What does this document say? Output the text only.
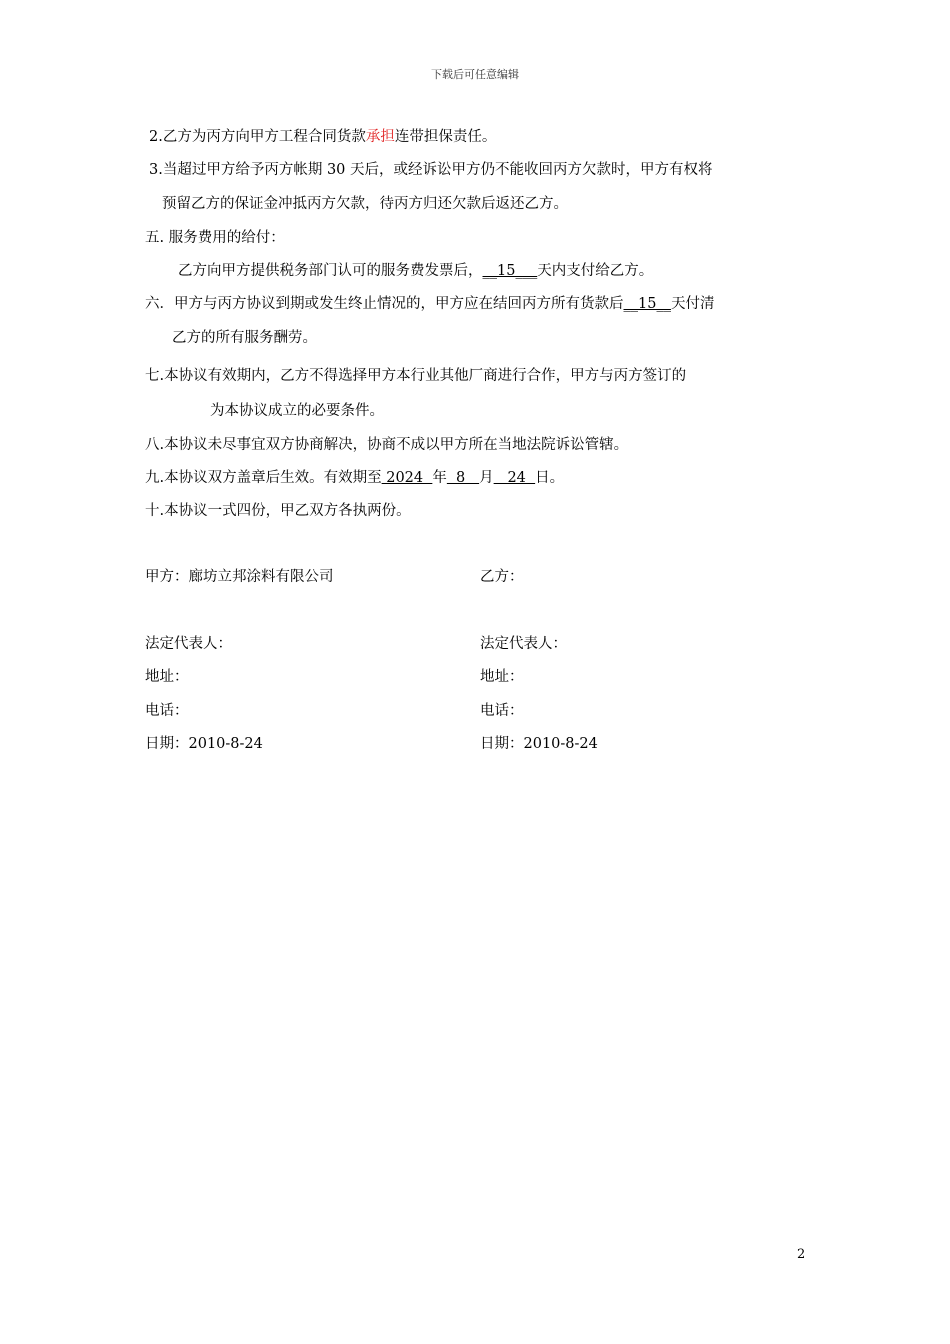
下载后可任意编辑
2.乙方为丙方向甲方工程合同货款承担连带担保责任。
3.当超过甲方给予丙方帐期 30 天后，或经诉讼甲方仍不能收回丙方欠款时，甲方有权将
预留乙方的保证金冲抵丙方欠款，待丙方归还欠款后返还乙方。
五. 服务费用的给付：
乙方向甲方提供税务部门认可的服务费发票后，__15___天内支付给乙方。
六．甲方与丙方协议到期或发生终止情况的，甲方应在结回丙方所有货款后__15__天付清
乙方的所有服务酬劳。
七.本协议有效期内，乙方不得选择甲方本行业其他厂商进行合作，甲方与丙方签订的
为本协议成立的必要条件。
八.本协议未尽事宜双方协商解决，协商不成以甲方所在当地法院诉讼管辖。
九.本协议双方盖章后生效。有效期至 2024  年  8   月   24  日。
十.本协议一式四份，甲乙双方各执两份。
甲方：廊坊立邦涂料有限公司
法定代表人：
地址：
电话：
日期：2010-8-24
乙方：
法定代表人：
地址：
电话：
日期：2010-8-24
2
